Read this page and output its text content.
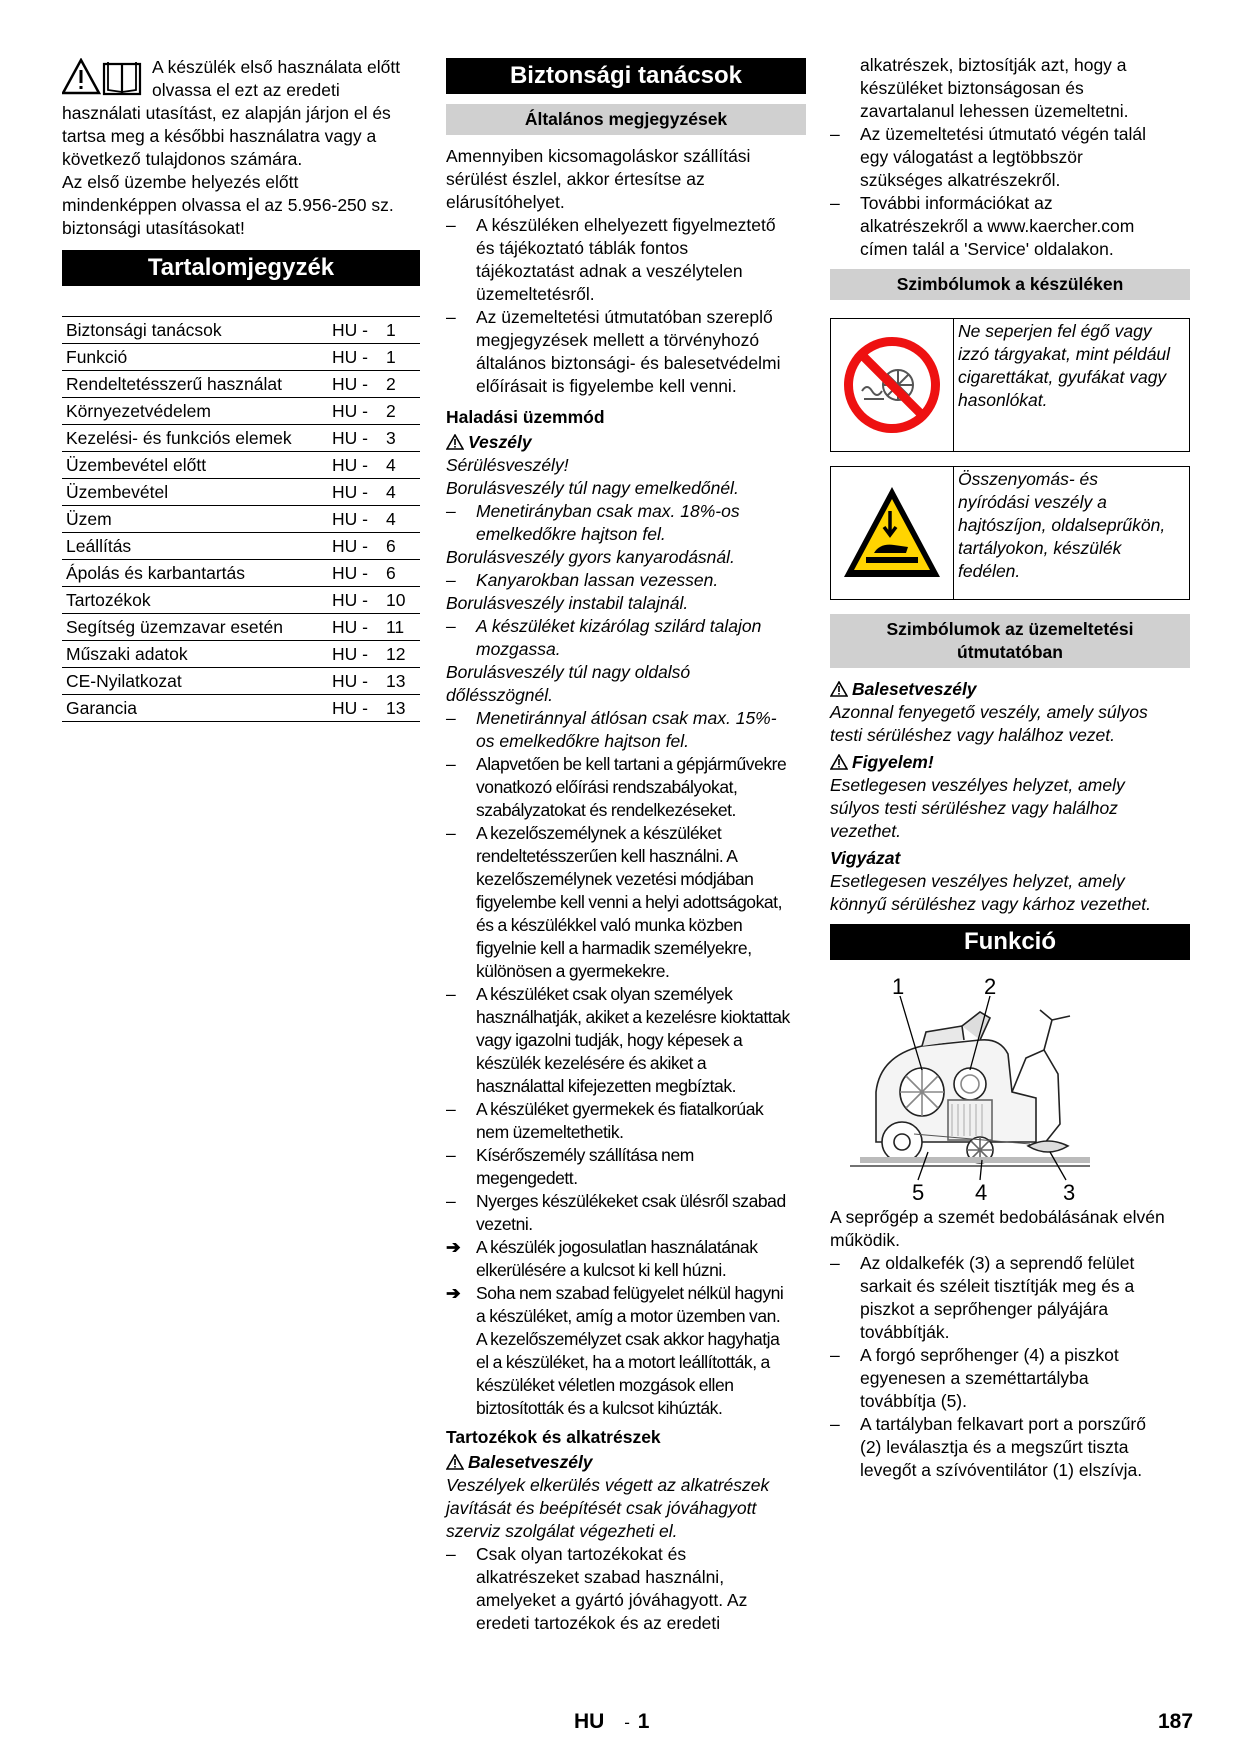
A készülék első használata előtt

olvassa el ezt az eredeti

használati utasítást, ez alapján járjon el és

tartsa meg a későbbi használatra vagy a

következő tulajdonos számára.

Az első üzembe helyezés előtt

mindenképpen olvassa el az 5.956-250 sz.

biztonsági utasításokat!

Tartalomjegyzék
Biztonsági tanácsok	HU -	1
Funkció	HU -	1
Rendeltetésszerű használat	HU -	2
Környezetvédelem	HU -	2
Kezelési- és funkciós elemek	HU -	3
Üzembevétel előtt	HU -	4
Üzembevétel	HU -	4
Üzem	HU -	4
Leállítás	HU -	6
Ápolás és karbantartás	HU -	6
Tartozékok	HU -	10
Segítség üzemzavar esetén	HU -	11
Műszaki adatok	HU -	12
CE-Nyilatkozat	HU -	13
Garancia	HU -	13
Biztonsági tanácsok
Általános megjegyzések

Amennyiben kicsomagoláskor szállítási

sérülést észlel, akkor értesítse az

elárusítóhelyet.

–	A készüléken elhelyezett figyelmeztető

és tájékoztató táblák fontos

tájékoztatást adnak a veszélytelen

üzemeltetésről.

–	Az üzemeltetési útmutatóban szereplő

megjegyzések mellett a törvényhozó

általános biztonsági- és balesetvédelmi

előírásait is figyelembe kell venni.

Haladási üzemmód

Veszély

Sérülésveszély!

Borulásveszély túl nagy emelkedőnél.

–	Menetirányban csak max. 18%-os

emelkedőkre hajtson fel.

Borulásveszély gyors kanyarodásnál.

–	Kanyarokban lassan vezessen.

Borulásveszély instabil talajnál.

–	A készüléket kizárólag szilárd talajon

mozgassa.

Borulásveszély túl nagy oldalsó

dőlésszögnél.

–	Menetiránnyal átlósan csak max. 15%-

os emelkedőkre hajtson fel.

–	Alapvetően be kell tartani a gépjárművekre

vonatkozó előírási rendszabályokat,

szabályzatokat és rendelkezéseket.

–	A kezelőszemélynek a készüléket

rendeltetésszerűen kell használni. A

kezelőszemélynek vezetési módjában

figyelembe kell venni a helyi adottságokat,

és a készülékkel való munka közben

figyelnie kell a harmadik személyekre,

különösen a gyermekekre.

–	A készüléket csak olyan személyek

használhatják, akiket a kezelésre kioktattak

vagy igazolni tudják, hogy képesek a

készülék kezelésére és akiket a

használattal kifejezetten megbíztak.

–	A készüléket gyermekek és fiatalkorúak

nem üzemeltethetik.

–	Kísérőszemély szállítása nem

megengedett.

–	Nyerges készülékeket csak ülésről szabad

vezetni.

➔ A készülék jogosulatlan használatának

elkerülésére a kulcsot ki kell húzni.

➔ Soha nem szabad felügyelet nélkül hagyni

a készüléket, amíg a motor üzemben van.

A kezelőszemélyzet csak akkor hagyhatja

el a készüléket, ha a motort leállították, a

készüléket véletlen mozgások ellen

biztosították és a kulcsot kihúzták.

Tartozékok és alkatrészek

Balesetveszély

Veszélyek elkerülés végett az alkatrészek

javítását és beépítését csak jóváhagyott

szerviz szolgálat végezheti el.

–	Csak olyan tartozékokat és

alkatrészeket szabad használni,

amelyeket a gyártó jóváhagyott. Az

eredeti tartozékok és az eredeti

alkatrészek, biztosítják azt, hogy a

készüléket biztonságosan és

zavartalanul lehessen üzemeltetni.

–	Az üzemeltetési útmutató végén talál

egy válogatást a legtöbbször

szükséges alkatrészekről.

–	További információkat az

alkatrészekről a www.kaercher.com

címen talál a 'Service' oldalakon.

Szimbólumok a készüléken

Ne seperjen fel égő vagy

izzó tárgyakat, mint például

cigarettákat, gyufákat vagy

hasonlókat.

Összenyomás- és

nyíródási veszély a

hajtószíjon, oldalseprűkön,

tartályokon, készülék

fedélen.

Szimbólumok az üzemeltetési útmutatóban

Balesetveszély

Azonnal fenyegető veszély, amely súlyos

testi sérüléshez vagy halálhoz vezet.

Figyelem!

Esetlegesen veszélyes helyzet, amely

súlyos testi sérüléshez vagy halálhoz

vezethet.

Vigyázat

Esetlegesen veszélyes helyzet, amely

könnyű sérüléshez vagy kárhoz vezethet.

Funkció
1	2
5 4	3

A seprőgép a szemét bedobálásának elvén

működik.

–	Az oldalkefék (3) a seprendő felület

sarkait és széleit tisztítják meg és a

piszkot a seprőhenger pályájára

továbbítják.

–	A forgó seprőhenger (4) a piszkot

egyenesen a szeméttartályba

továbbítja (5).

–	A tartályban felkavart port a porszűrő

(2) leválasztja és a megszűrt tiszta

levegőt a szívóventilátor (1) elszívja.

HU - 1	187
